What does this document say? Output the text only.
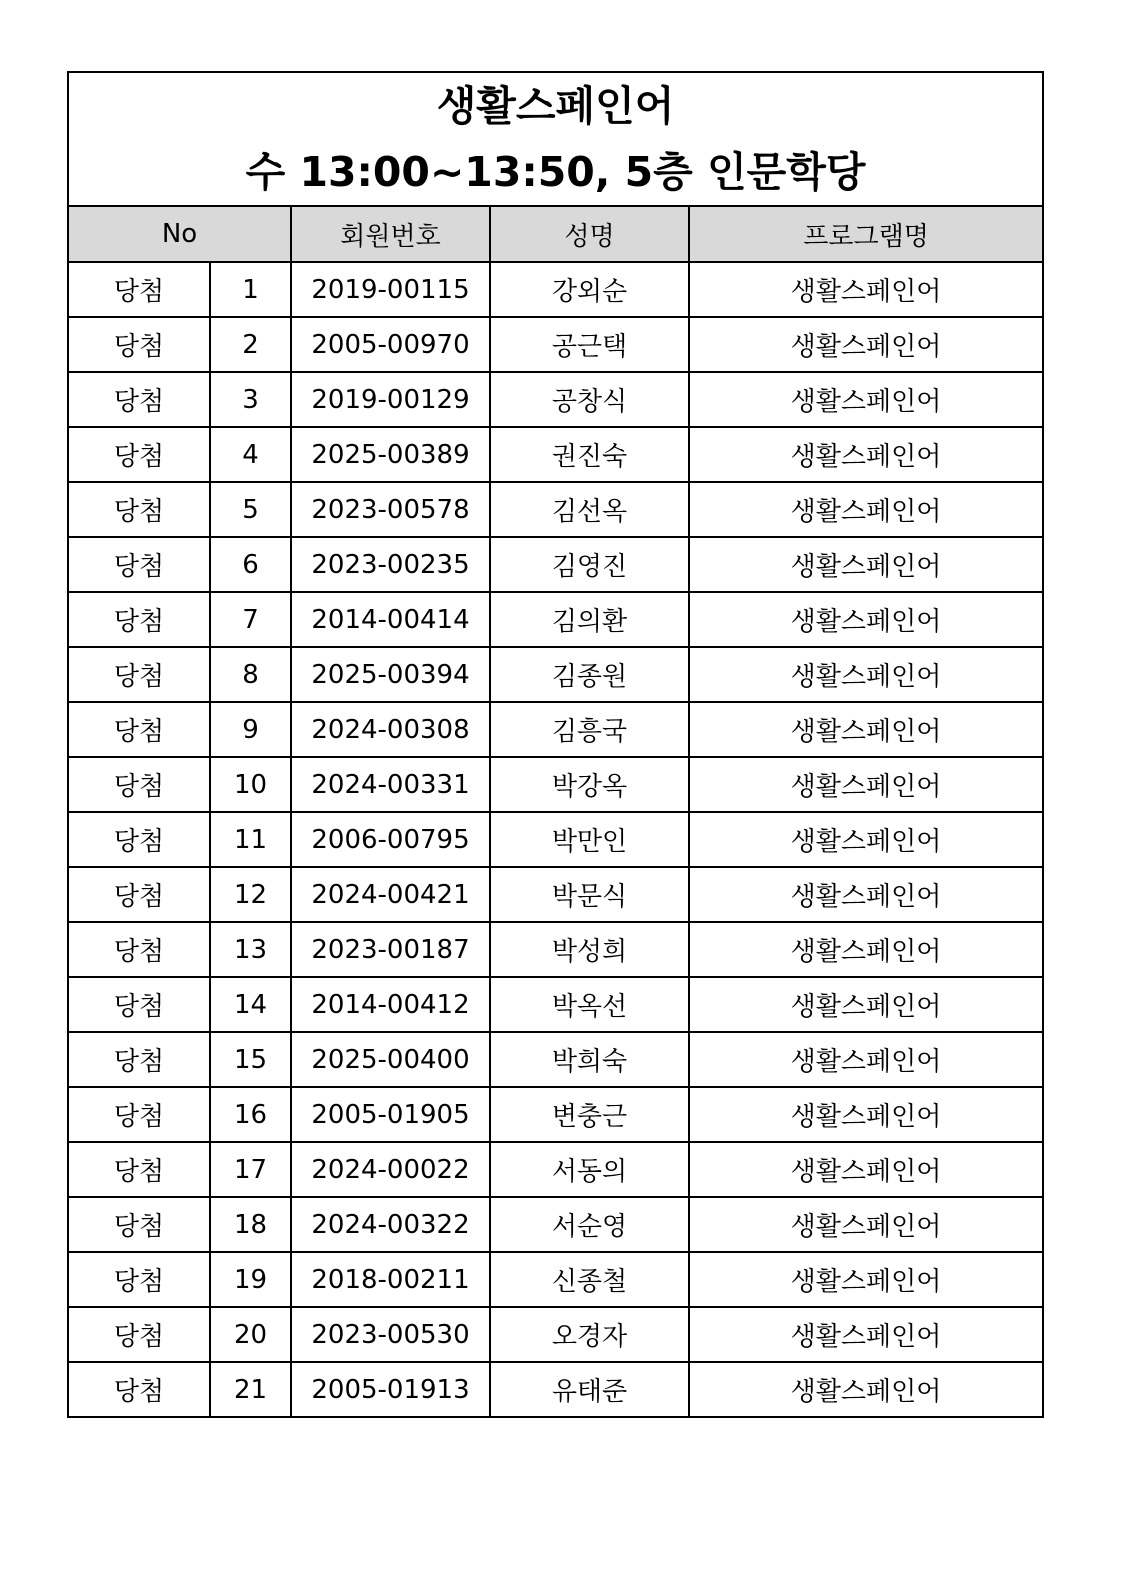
생활스페인어
수 13:00~13:50, 5층 인문학당				

No		회원번호	성명	프로그램명
당첨	1	2019-00115	강외순	생활스페인어
당첨	2	2005-00970	공근택	생활스페인어
당첨	3	2019-00129	공창식	생활스페인어
당첨	4	2025-00389	권진숙	생활스페인어
당첨	5	2023-00578	김선옥	생활스페인어
당첨	6	2023-00235	김영진	생활스페인어
당첨	7	2014-00414	김의환	생활스페인어
당첨	8	2025-00394	김종원	생활스페인어
당첨	9	2024-00308	김흥국	생활스페인어
당첨	10	2024-00331	박강옥	생활스페인어
당첨	11	2006-00795	박만인	생활스페인어
당첨	12	2024-00421	박문식	생활스페인어
당첨	13	2023-00187	박성희	생활스페인어
당첨	14	2014-00412	박옥선	생활스페인어
당첨	15	2025-00400	박희숙	생활스페인어
당첨	16	2005-01905	변충근	생활스페인어
당첨	17	2024-00022	서동의	생활스페인어
당첨	18	2024-00322	서순영	생활스페인어
당첨	19	2018-00211	신종철	생활스페인어
당첨	20	2023-00530	오경자	생활스페인어
당첨	21	2005-01913	유태준	생활스페인어
